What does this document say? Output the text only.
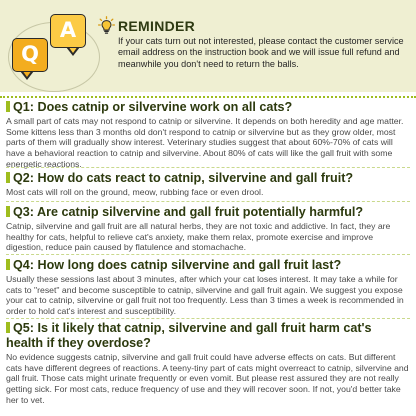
A
Q
REMINDER
If your cats turn out not interested, please contact the customer service email address on the instruction book and we will issue full refund and meanwhile you don't need to return the balls.
Q1: Does catnip or silvervine work on all cats?
A small part of cats may not respond to catnip or silvervine. It depends on both heredity and age matter. Some kittens less than 3 months old don't respond to catnip or silvervine but as they grow older, most parts of them will gradually show interest. Veterinary studies suggest that about 60%-70% of cats will have a behavioral reaction to catnip and silvervine. About 80% of cats will like the gall fruit with some energetic reactions.
Q2: How do cats react to catnip, silvervine and gall fruit?
Most cats will roll on the ground, meow, rubbing face or even drool.
Q3: Are catnip silvervine and gall fruit potentially harmful?
Catnip, silvervine and gall fruit are all natural herbs, they are not toxic and addictive. In fact, they are healthy for cats, helpful to relieve cat's anxiety, make them relax, promote exercise and improve digestion, reduce pain caused by flatulence and stomachache.
Q4: How long does catnip silvervine and gall fruit last?
Usually these sessions last about 3 minutes, after which your cat loses interest. It may take a while for cats to "reset" and become susceptible to catnip, silvervine and gall fruit again. We suggest you expose your cat to catnip, silvervine or gall fruit not too frequently. Less than 3 times a week is recommended in order to hold cat's interest and susceptibility.
Q5: Is it likely that catnip, silvervine and gall fruit harm cat's health if they overdose?
No evidence suggests catnip, silvervine and gall fruit could have adverse effects on cats. But different cats have different degrees of reactions. A teeny-tiny part of cats might overreact to catnip, silvervine and gall fruit. Those cats might urinate frequently or even vomit. But please rest assured they are not really getting sick. For most cats, reduce frequency of use and they will recover soon. If not, you'd better take her to vet.
